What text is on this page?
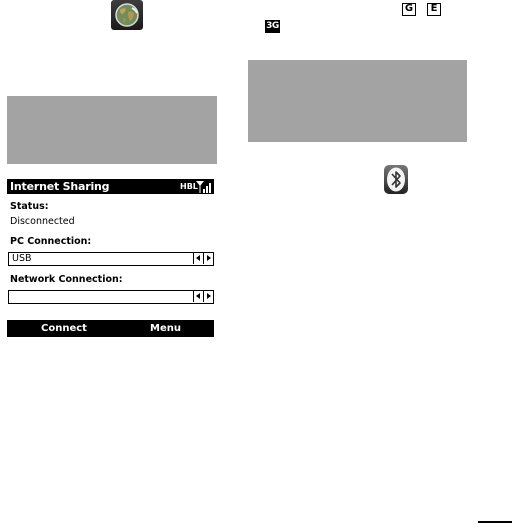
G	E
3G
Internet Sharing	HBL
Status:
Disconnected
PC Connection:
USB
Network Connection:
Connect	Menu
